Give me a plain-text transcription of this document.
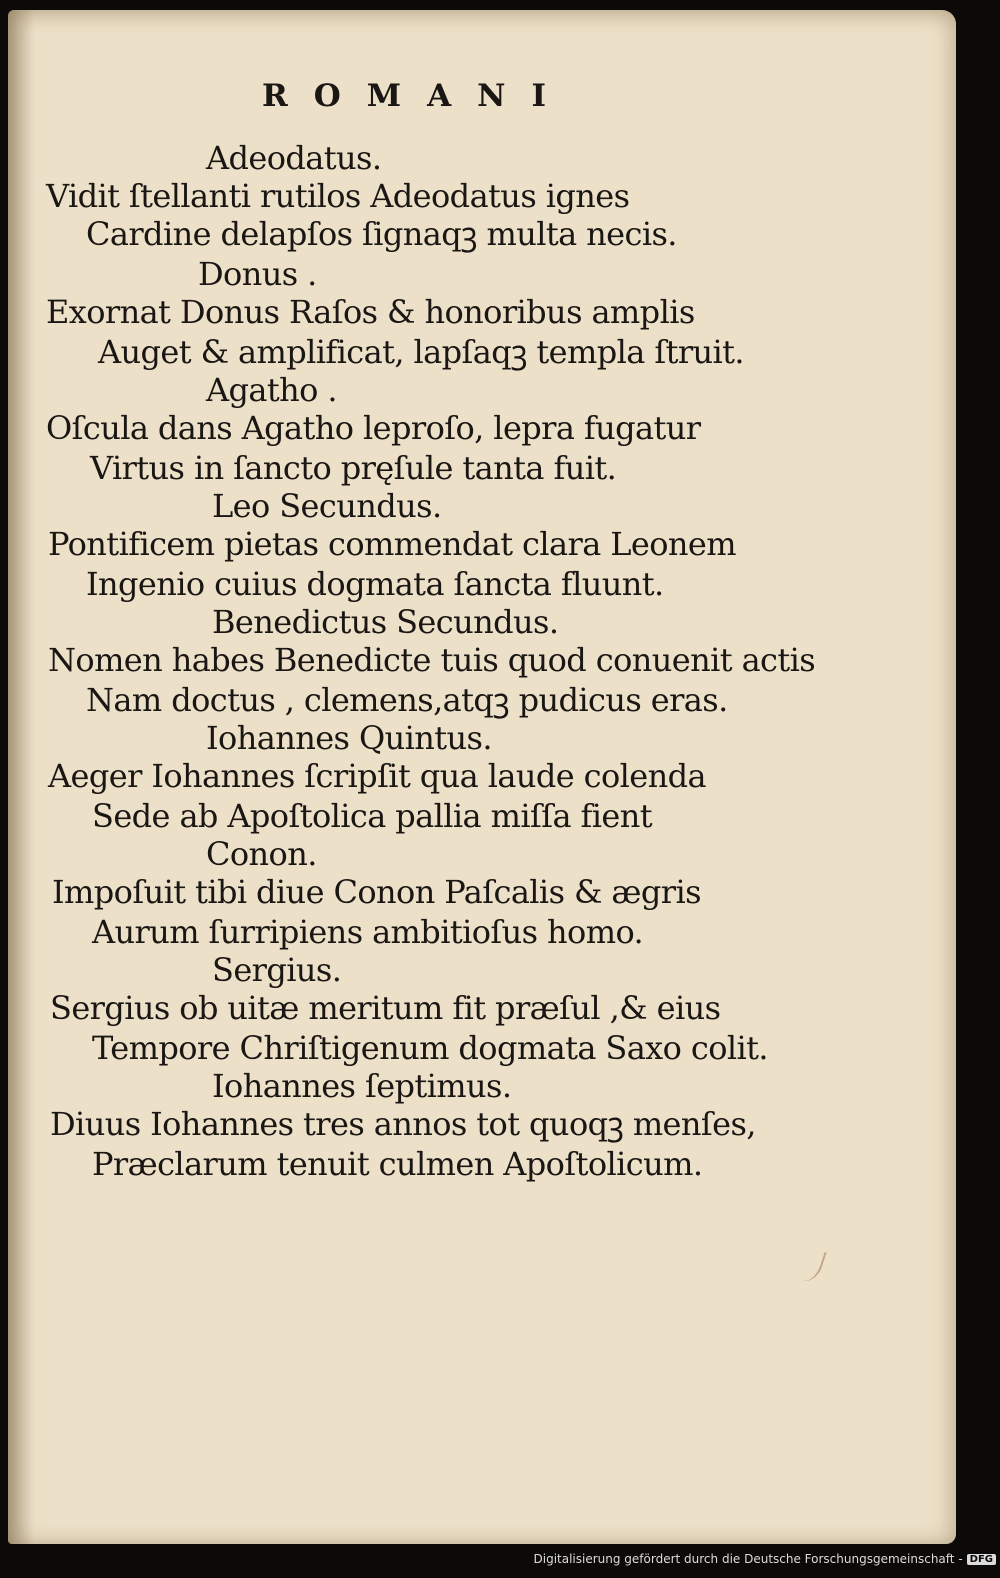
ROMANI
Adeodatus.
Vidit ſtellanti rutilos Adeodatus ignes
Cardine delapſos ſignaqꝫ multa necis.
Donus .
Exornat Donus Raſos & honoribus amplis
Auget & amplificat, lapſaqꝫ templa ſtruit.
Agatho .
Oſcula dans Agatho leproſo, lepra fugatur
Virtus in ſancto pręſule tanta fuit.
Leo Secundus.
Pontificem pietas commendat clara Leonem
Ingenio cuius dogmata ſancta fluunt.
Benedictus Secundus.
Nomen habes Benedicte tuis quod conuenit actis
Nam doctus , clemens,atqꝫ pudicus eras.
Iohannes Quintus.
Aeger Iohannes ſcripſit qua laude colenda
Sede ab Apoſtolica pallia miſſa fient
Conon.
Impoſuit tibi diue Conon Paſcalis & ægris
Aurum ſurripiens ambitioſus homo.
Sergius.
Sergius ob uitæ meritum fit præſul ,& eius
Tempore Chriſtigenum dogmata Saxo colit.
Iohannes ſeptimus.
Diuus Iohannes tres annos tot quoqꝫ menſes,
Præclarum tenuit culmen Apoſtolicum.
Digitalisierung gefördert durch die Deutsche Forschungsgemeinschaft - DFG
